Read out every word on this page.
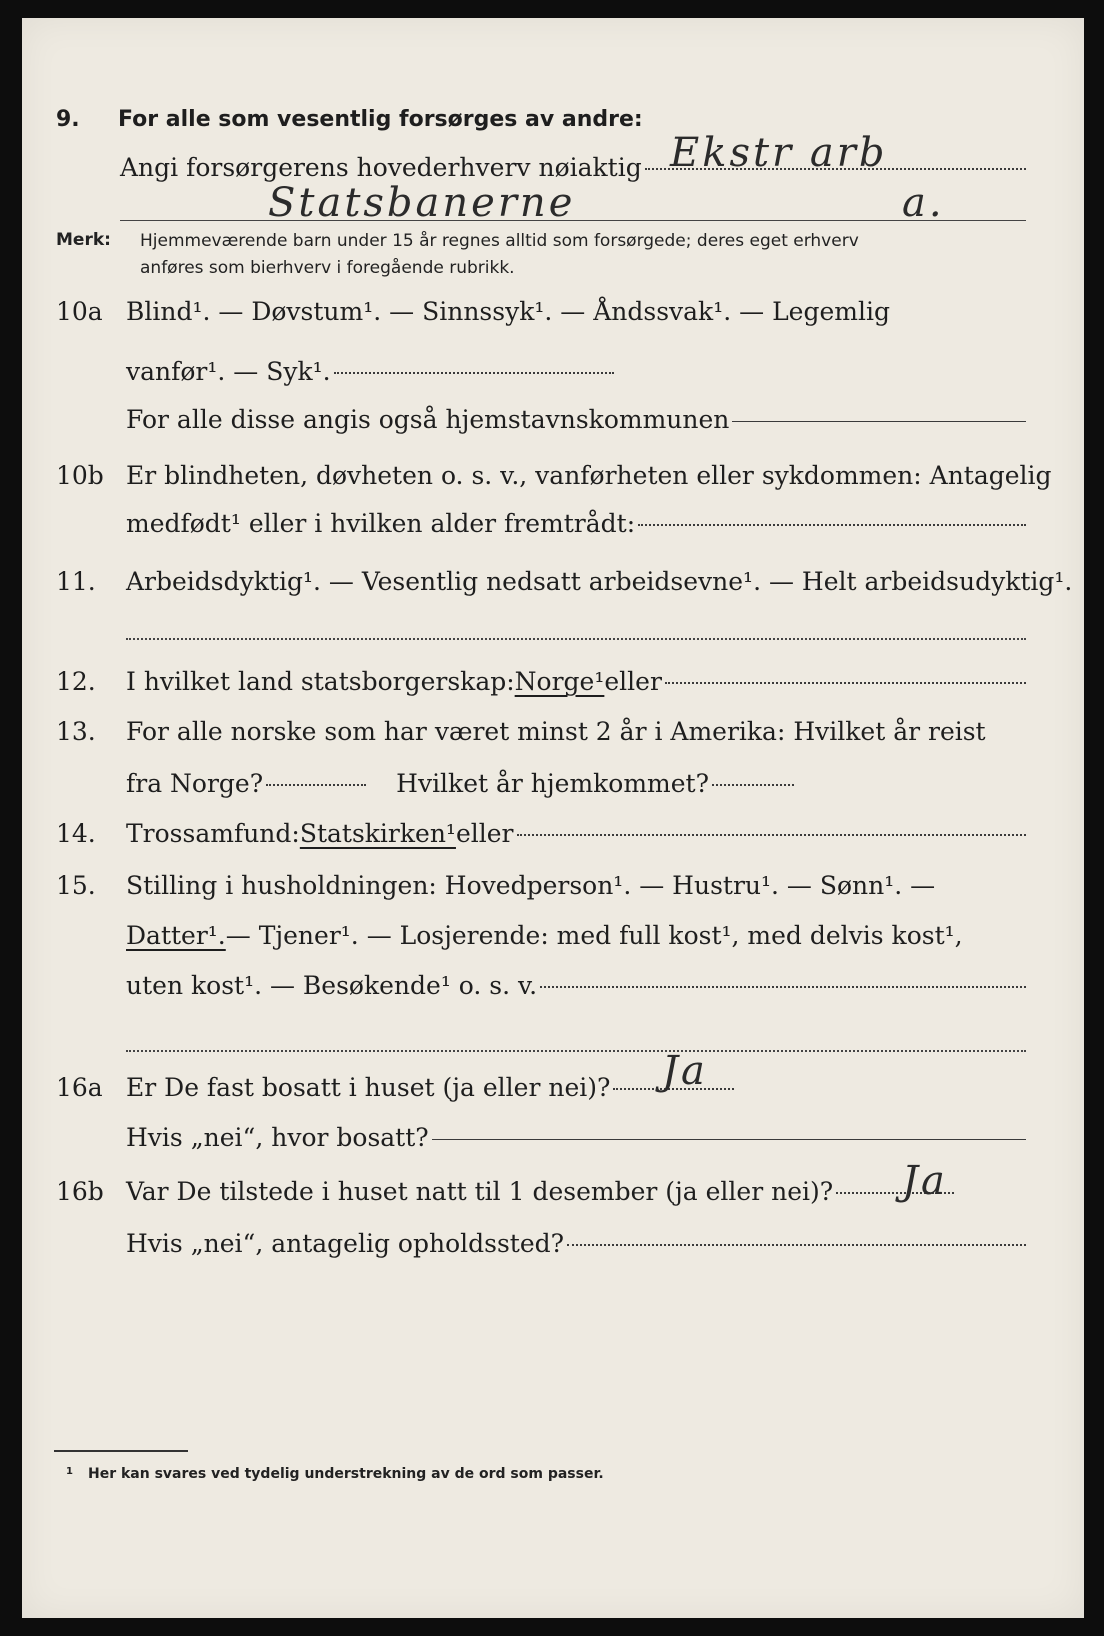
9. For alle som vesentlig forsørges av andre:
Angi forsørgerens hovederhverv nøiaktig Ekstr arb
Statsbanerne	a.
Merk: Hjemmeværende barn under 15 år regnes alltid som forsørgede; deres eget erhverv
anføres som bierhverv i foregående rubrikk.
10a Blind¹. — Døvstum¹. — Sinnssyk¹. — Åndssvak¹. — Legemlig
vanfør¹. — Syk¹.
For alle disse angis også hjemstavnskommunen
10b Er blindheten, døvheten o. s. v., vanførheten eller sykdommen: Antagelig
medfødt¹ eller i hvilken alder fremtrådt:
11. Arbeidsdyktig¹. — Vesentlig nedsatt arbeidsevne¹. — Helt arbeidsudyktig¹.
12. I hvilket land statsborgerskap: Norge¹ eller
13. For alle norske som har været minst 2 år i Amerika: Hvilket år reist
fra Norge?	Hvilket år hjemkommet?
14. Trossamfund: Statskirken¹ eller
15. Stilling i husholdningen: Hovedperson¹. — Hustru¹. — Sønn¹. —
Datter¹. — Tjener¹. — Losjerende: med full kost¹, med delvis kost¹,
uten kost¹. — Besøkende¹ o. s. v.
16a Er De fast bosatt i huset (ja eller nei)? Ja
Hvis „nei“, hvor bosatt?
16b Var De tilstede i huset natt til 1 desember (ja eller nei)? Ja
Hvis „nei“, antagelig opholdssted?
1 Her kan svares ved tydelig understrekning av de ord som passer.
